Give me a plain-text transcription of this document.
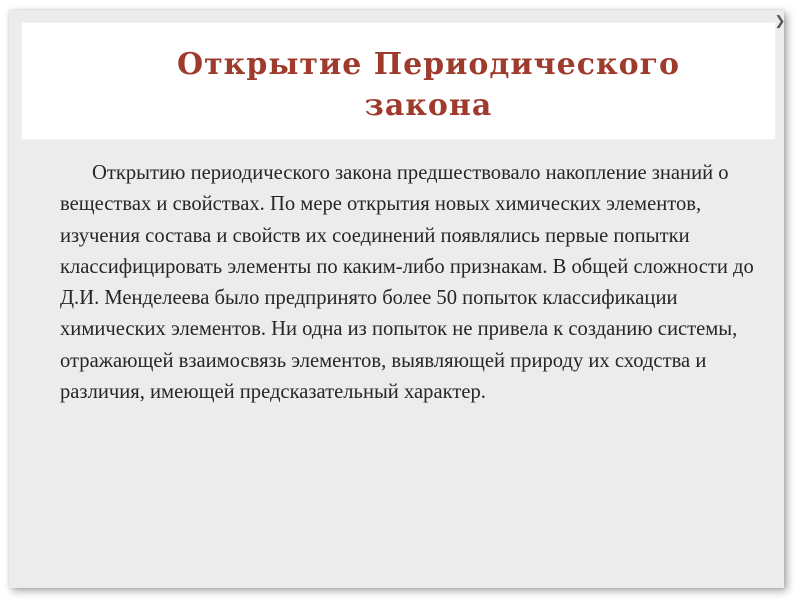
Открытие Периодического
закона

Открытию периодического закона предшествовало накопление знаний о веществах и свойствах. По мере открытия новых химических элементов, изучения состава и свойств их соединений появлялись первые попытки классифицировать элементы по каким-либо признакам. В общей сложности до Д.И. Менделеева было предпринято более 50 попыток классификации химических элементов. Ни одна из попыток не привела к созданию системы, отражающей взаимосвязь элементов, выявляющей природу их сходства и различия, имеющей предсказательный характер.

❯
